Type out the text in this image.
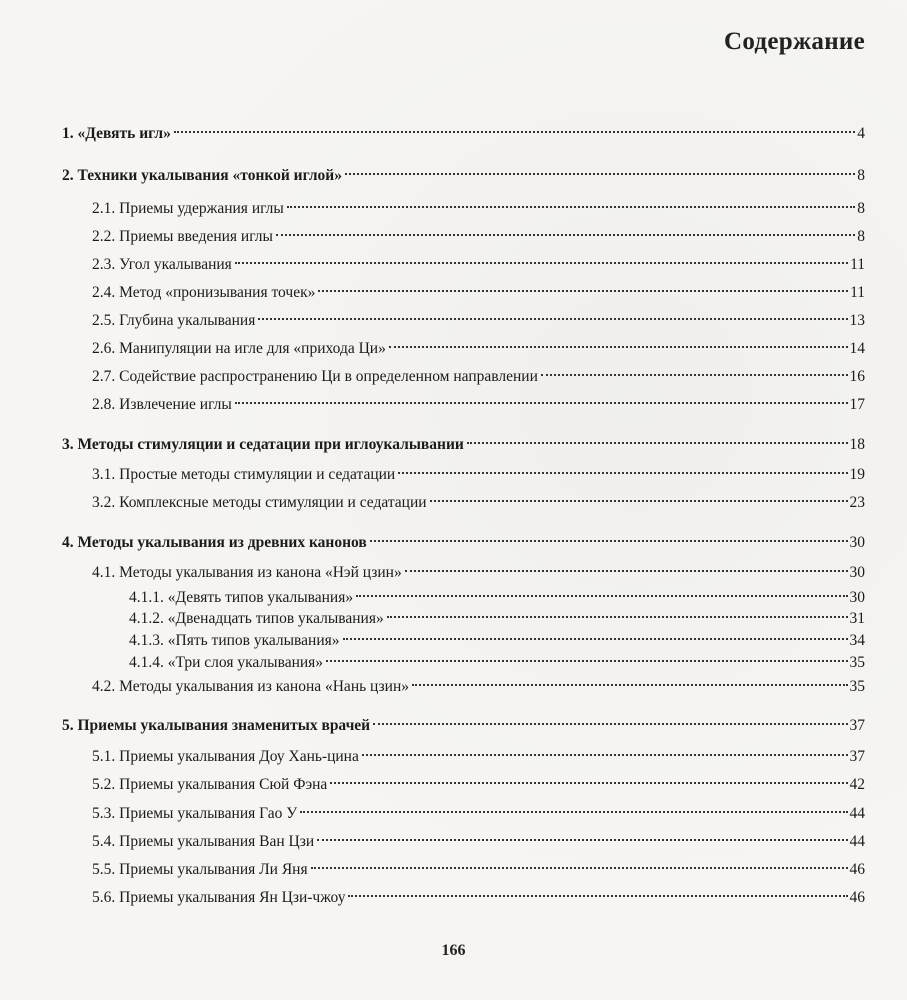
Содержание
1. «Девять игл»	4
2. Техники укалывания «тонкой иглой»	8
2.1. Приемы удержания иглы	8
2.2. Приемы введения иглы	8
2.3. Угол укалывания	11
2.4. Метод «пронизывания точек»	11
2.5. Глубина укалывания	13
2.6. Манипуляции на игле для «прихода Ци»	14
2.7. Содействие распространению Ци в определенном направлении	16
2.8. Извлечение иглы	17
3. Методы стимуляции и седатации при иглоукалывании	18
3.1. Простые методы стимуляции и седатации	19
3.2. Комплексные методы стимуляции и седатации	23
4. Методы укалывания из древних канонов	30
4.1. Методы укалывания из канона «Нэй цзин»	30
4.1.1. «Девять типов укалывания»	30
4.1.2. «Двенадцать типов укалывания»	31
4.1.3. «Пять типов укалывания»	34
4.1.4. «Три слоя укалывания»	35
4.2. Методы укалывания из канона «Нань цзин»	35
5. Приемы укалывания знаменитых врачей	37
5.1. Приемы укалывания Доу Хань-цина	37
5.2. Приемы укалывания Сюй Фэна	42
5.3. Приемы укалывания Гао У	44
5.4. Приемы укалывания Ван Цзи	44
5.5. Приемы укалывания Ли Яня	46
5.6. Приемы укалывания Ян Цзи-чжоу	46
166
